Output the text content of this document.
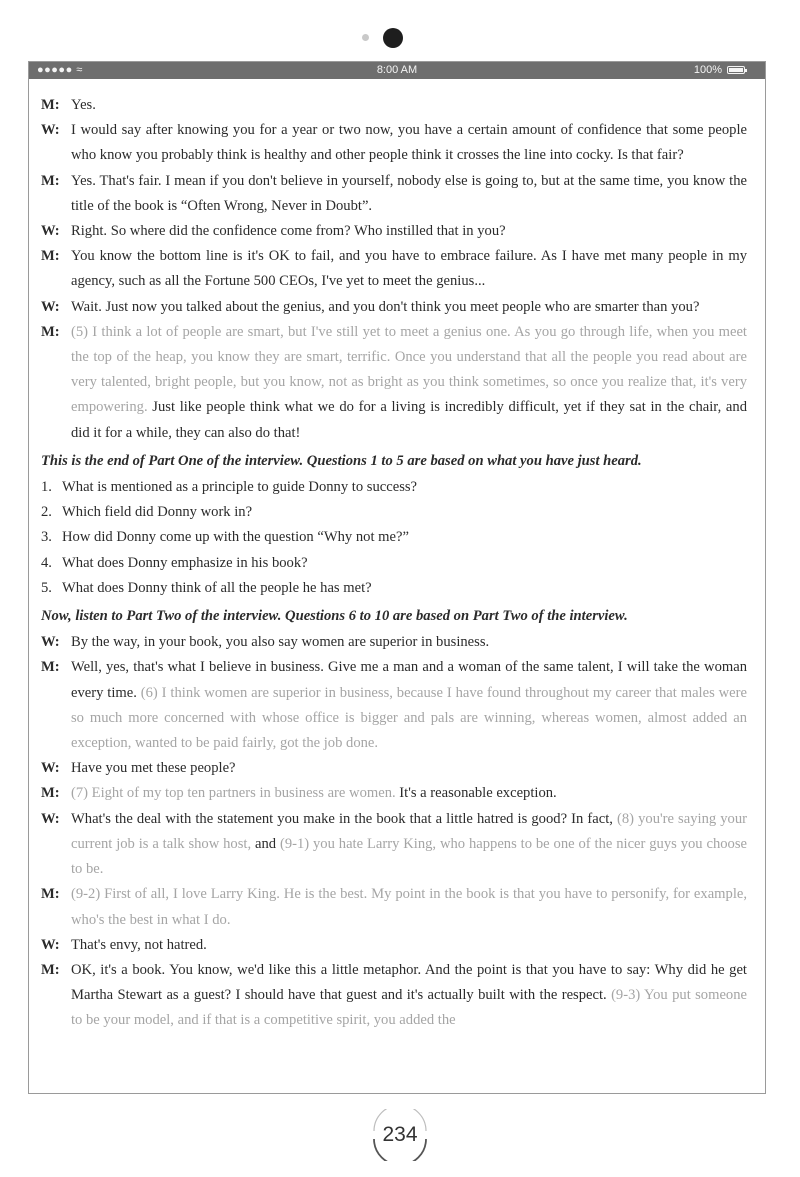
●●●●● ≈	8:00 AM	100%
M: Yes.
W: I would say after knowing you for a year or two now, you have a certain amount of confidence that some people who know you probably think is healthy and other people think it crosses the line into cocky. Is that fair?
M: Yes. That's fair. I mean if you don't believe in yourself, nobody else is going to, but at the same time, you know the title of the book is “Often Wrong, Never in Doubt”.
W: Right. So where did the confidence come from? Who instilled that in you?
M: You know the bottom line is it's OK to fail, and you have to embrace failure. As I have met many people in my agency, such as all the Fortune 500 CEOs, I've yet to meet the genius...
W: Wait. Just now you talked about the genius, and you don't think you meet people who are smarter than you?
M: (5) I think a lot of people are smart, but I've still yet to meet a genius one. As you go through life, when you meet the top of the heap, you know they are smart, terrific. Once you understand that all the people you read about are very talented, bright people, but you know, not as bright as you think sometimes, so once you realize that, it's very empowering. Just like people think what we do for a living is incredibly difficult, yet if they sat in the chair, and did it for a while, they can also do that!
This is the end of Part One of the interview. Questions 1 to 5 are based on what you have just heard.
1. What is mentioned as a principle to guide Donny to success?
2. Which field did Donny work in?
3. How did Donny come up with the question “Why not me?”
4. What does Donny emphasize in his book?
5. What does Donny think of all the people he has met?
Now, listen to Part Two of the interview. Questions 6 to 10 are based on Part Two of the interview.
W: By the way, in your book, you also say women are superior in business.
M: Well, yes, that's what I believe in business. Give me a man and a woman of the same talent, I will take the woman every time. (6) I think women are superior in business, because I have found throughout my career that males were so much more concerned with whose office is bigger and pals are winning, whereas women, almost added an exception, wanted to be paid fairly, got the job done.
W: Have you met these people?
M: (7) Eight of my top ten partners in business are women. It's a reasonable exception.
W: What's the deal with the statement you make in the book that a little hatred is good? In fact, (8) you're saying your current job is a talk show host, and (9-1) you hate Larry King, who happens to be one of the nicer guys you choose to be.
M: (9-2) First of all, I love Larry King. He is the best. My point in the book is that you have to personify, for example, who's the best in what I do.
W: That's envy, not hatred.
M: OK, it's a book. You know, we'd like this a little metaphor. And the point is that you have to say: Why did he get Martha Stewart as a guest? I should have that guest and it's actually built with the respect. (9-3) You put someone to be your model, and if that is a competitive spirit, you added the
234
